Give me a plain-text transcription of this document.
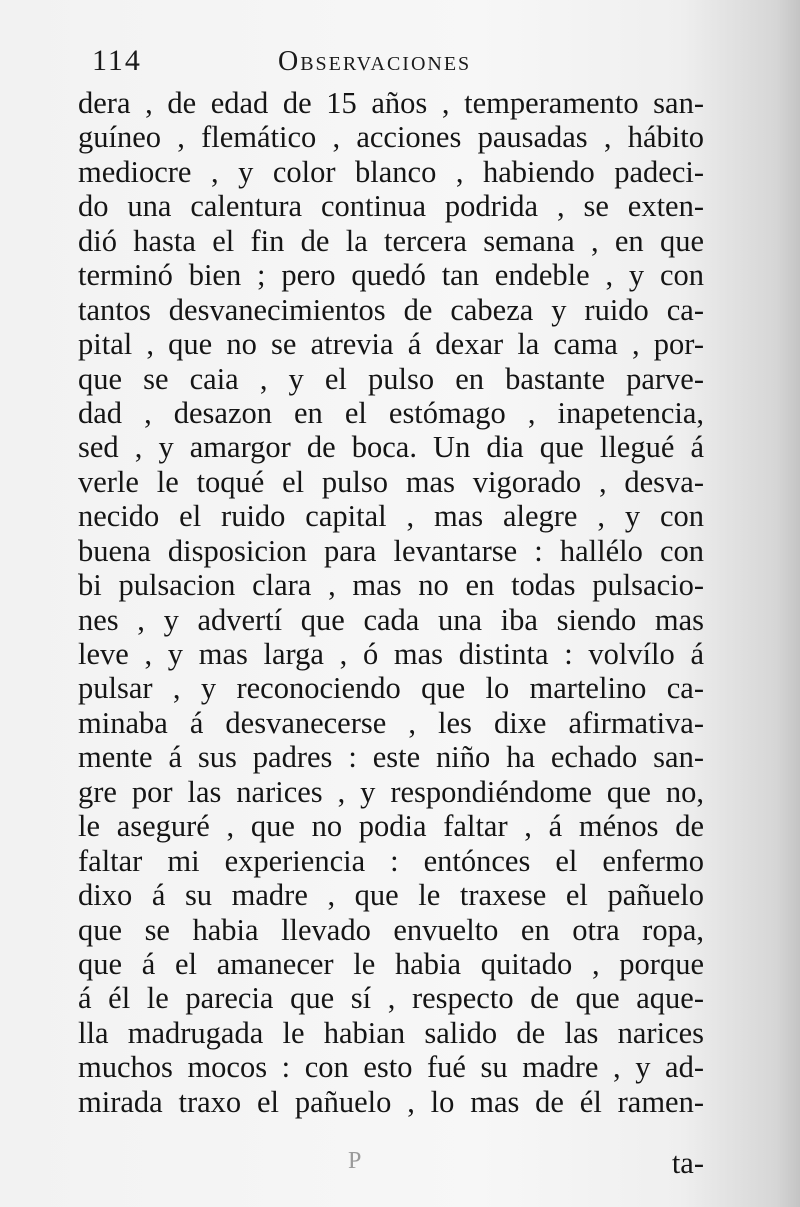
114	Observaciones
dera , de edad de 15 años , temperamento san-
guíneo , flemático , acciones pausadas , hábito
mediocre , y color blanco , habiendo padeci-
do una calentura continua podrida , se exten-
dió hasta el fin de la tercera semana , en que
terminó bien ; pero quedó tan endeble , y con
tantos desvanecimientos de cabeza y ruido ca-
pital , que no se atrevia á dexar la cama , por-
que se caia , y el pulso en bastante parve-
dad , desazon en el estómago , inapetencia,
sed , y amargor de boca. Un dia que llegué á
verle le toqué el pulso mas vigorado , desva-
necido el ruido capital , mas alegre , y con
buena disposicion para levantarse : hallélo con
bi pulsacion clara , mas no en todas pulsacio-
nes , y advertí que cada una iba siendo mas
leve , y mas larga , ó mas distinta : volvílo á
pulsar , y reconociendo que lo martelino ca-
minaba á desvanecerse , les dixe afirmativa-
mente á sus padres : este niño ha echado san-
gre por las narices , y respondiéndome que no,
le aseguré , que no podia faltar , á ménos de
faltar mi experiencia : entónces el enfermo
dixo á su madre , que le traxese el pañuelo
que se habia llevado envuelto en otra ropa,
que á el amanecer le habia quitado , porque
á él le parecia que sí , respecto de que aque-
lla madrugada le habian salido de las narices
muchos mocos : con esto fué su madre , y ad-
mirada traxo el pañuelo , lo mas de él ramen-
P	ta-
